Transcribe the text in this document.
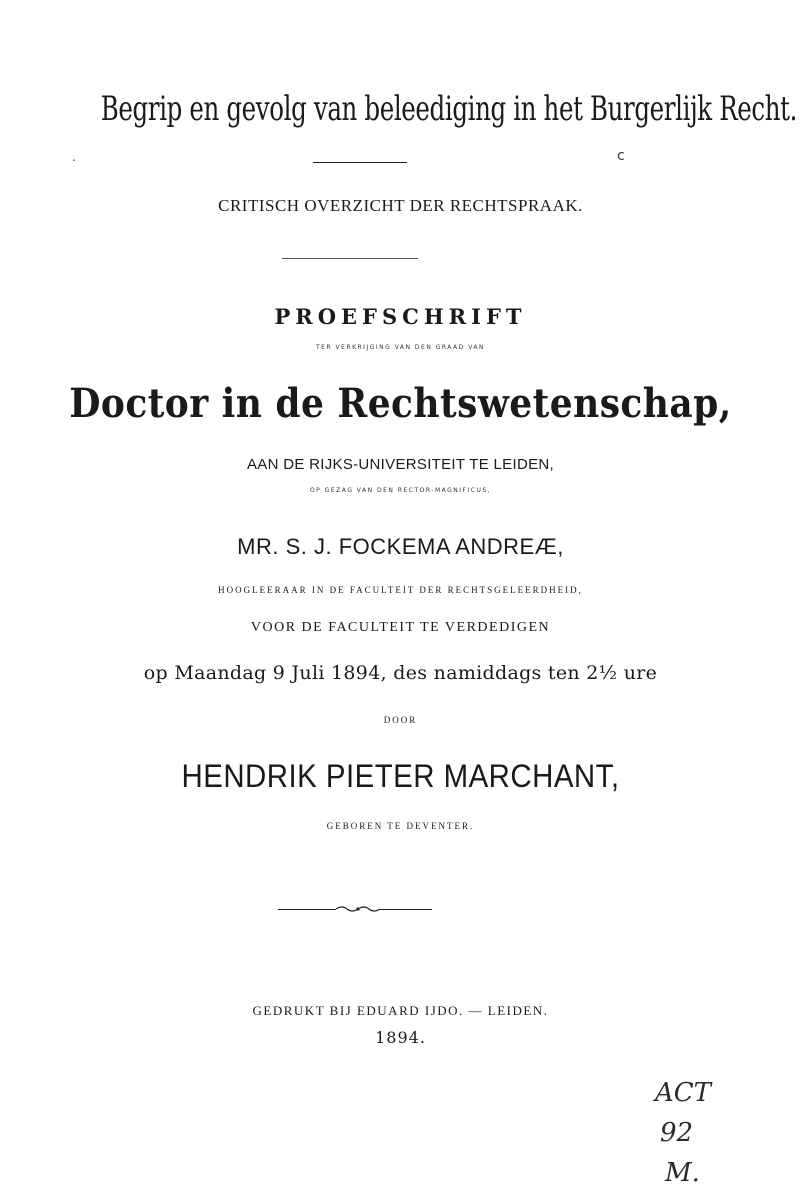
.	c
Begrip en gevolg van beleediging in het Burgerlijk Recht.
CRITISCH OVERZICHT DER RECHTSPRAAK.
PROEFSCHRIFT
TER VERKRIJGING VAN DEN GRAAD VAN
Doctor in de Rechtswetenschap,
AAN DE RIJKS-UNIVERSITEIT TE LEIDEN,
OP GEZAG VAN DEN RECTOR-MAGNIFICUS,
MR. S. J. FOCKEMA ANDREÆ,
HOOGLEERAAR IN DE FACULTEIT DER RECHTSGELEERDHEID,
VOOR DE FACULTEIT TE VERDEDIGEN
op Maandag 9 Juli 1894, des namiddags ten 2½ ure
DOOR
HENDRIK PIETER MARCHANT,
GEBOREN TE DEVENTER.
GEDRUKT BIJ EDUARD IJDO. — LEIDEN.
1894.
ACT
92
M.
